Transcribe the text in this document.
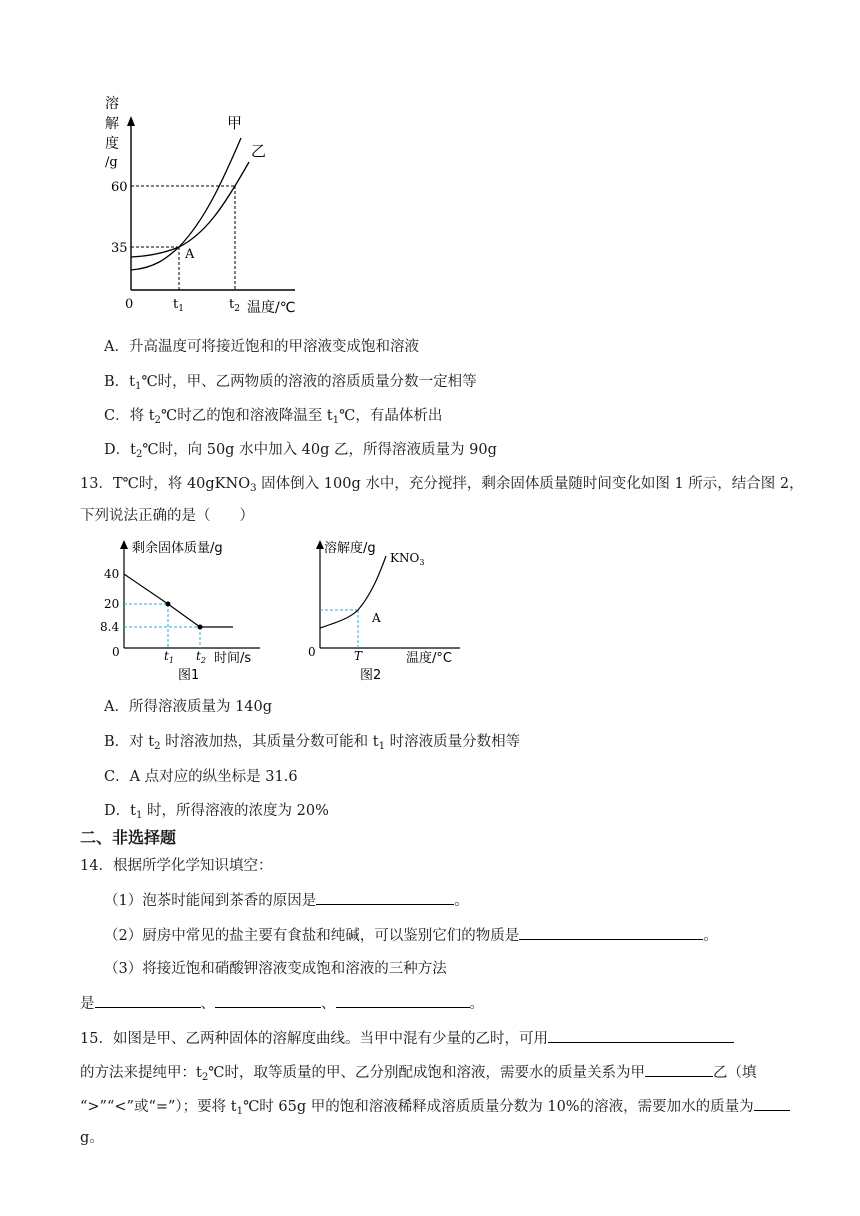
溶
解
度
/g
甲
乙
60
35	A
0	$t_1$	$t_2$ 温度/℃
A．升高温度可将接近饱和的甲溶液变成饱和溶液
B．$t_1℃$时，甲、乙两物质的溶液的溶质质量分数一定相等
C．将 $t_2℃$时乙的饱和溶液降温至 $t_1℃$，有晶体析出
D．$t_2℃$时，向 50g 水中加入 40g 乙，所得溶液质量为 90g
13．T℃时，将 40gKNO$_3$ 固体倒入 100g 水中，充分搅拌，剩余固体质量随时间变化如图 1 所示，结合图 2，
下列说法正确的是（　　）
剩余固体质量/g
40
20
8.4
0	$t_1$ $t_2$ 时间/s
图1
溶解度/g
$KNO_3$
A
0	T	温度/°C
图2
A．所得溶液质量为 140g
B．对 $t_2$ 时溶液加热，其质量分数可能和 $t_1$ 时溶液质量分数相等
C．A 点对应的纵坐标是 31.6
D．$t_1$ 时，所得溶液的浓度为 20%
二、非选择题
14．根据所学化学知识填空：
（1）泡茶时能闻到茶香的原因是	。
（2）厨房中常见的盐主要有食盐和纯碱，可以鉴别它们的物质是	。
（3）将接近饱和硝酸钾溶液变成饱和溶液的三种方法
是	、	、	。
15．如图是甲、乙两种固体的溶解度曲线。当甲中混有少量的乙时，可用
的方法来提纯甲：$t_2℃$时，取等质量的甲、乙分别配成饱和溶液，需要水的质量关系为甲	乙（填
“>”“<”或“=”）；要将 $t_1℃$时 65g 甲的饱和溶液稀释成溶质质量分数为 10%的溶液，需要加水的质量为
g。
